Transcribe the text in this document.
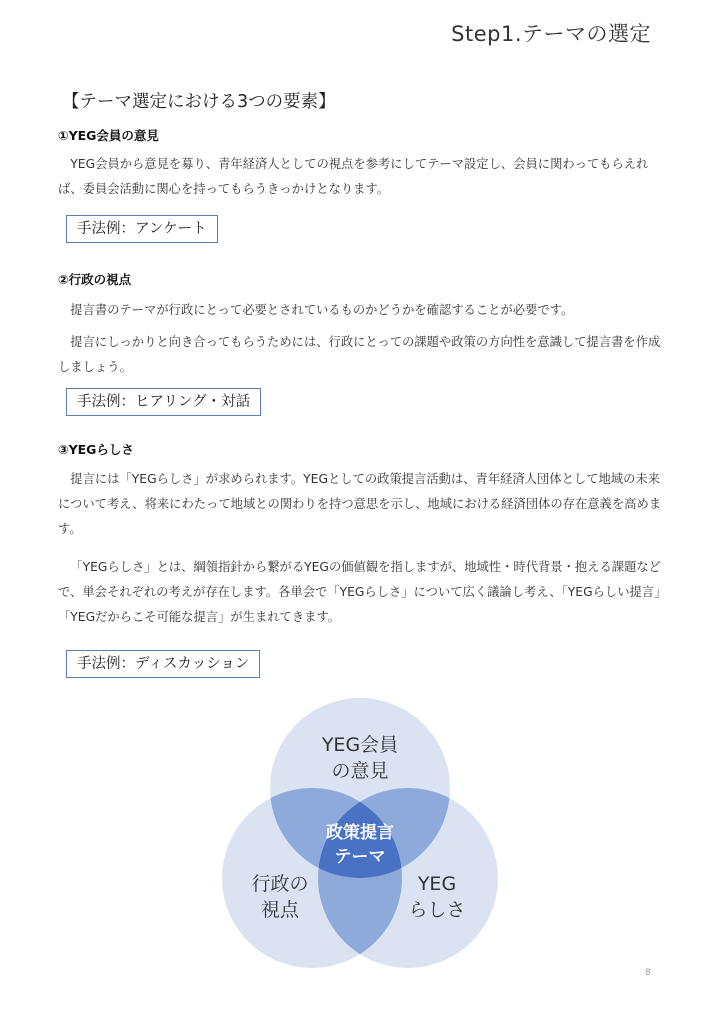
Step1.テーマの選定
【テーマ選定における3つの要素】
①YEG会員の意見

YEG会員から意見を募り、青年経済人としての視点を参考にしてテーマ設定し、会員に関わってもらえれば、委員会活動に関心を持ってもらうきっかけとなります。

手法例：アンケート
②行政の視点

提言書のテーマが行政にとって必要とされているものかどうかを確認することが必要です。

提言にしっかりと向き合ってもらうためには、行政にとっての課題や政策の方向性を意識して提言書を作成しましょう。

手法例：ヒアリング・対話
③YEGらしさ

提言には「YEGらしさ」が求められます。YEGとしての政策提言活動は、青年経済人団体として地域の未来について考え、将来にわたって地域との関わりを持つ意思を示し、地域における経済団体の存在意義を高めます。

「YEGらしさ」とは、綱領指針から繋がるYEGの価値観を指しますが、地域性・時代背景・抱える課題などで、単会それぞれの考えが存在します。各単会で「YEGらしさ」について広く議論し考え、「YEGらしい提言」「YEGだからこそ可能な提言」が生まれてきます。

手法例：ディスカッション
YEG会員
の意見
政策提言
テーマ
行政の
視点
YEG
らしさ
8
